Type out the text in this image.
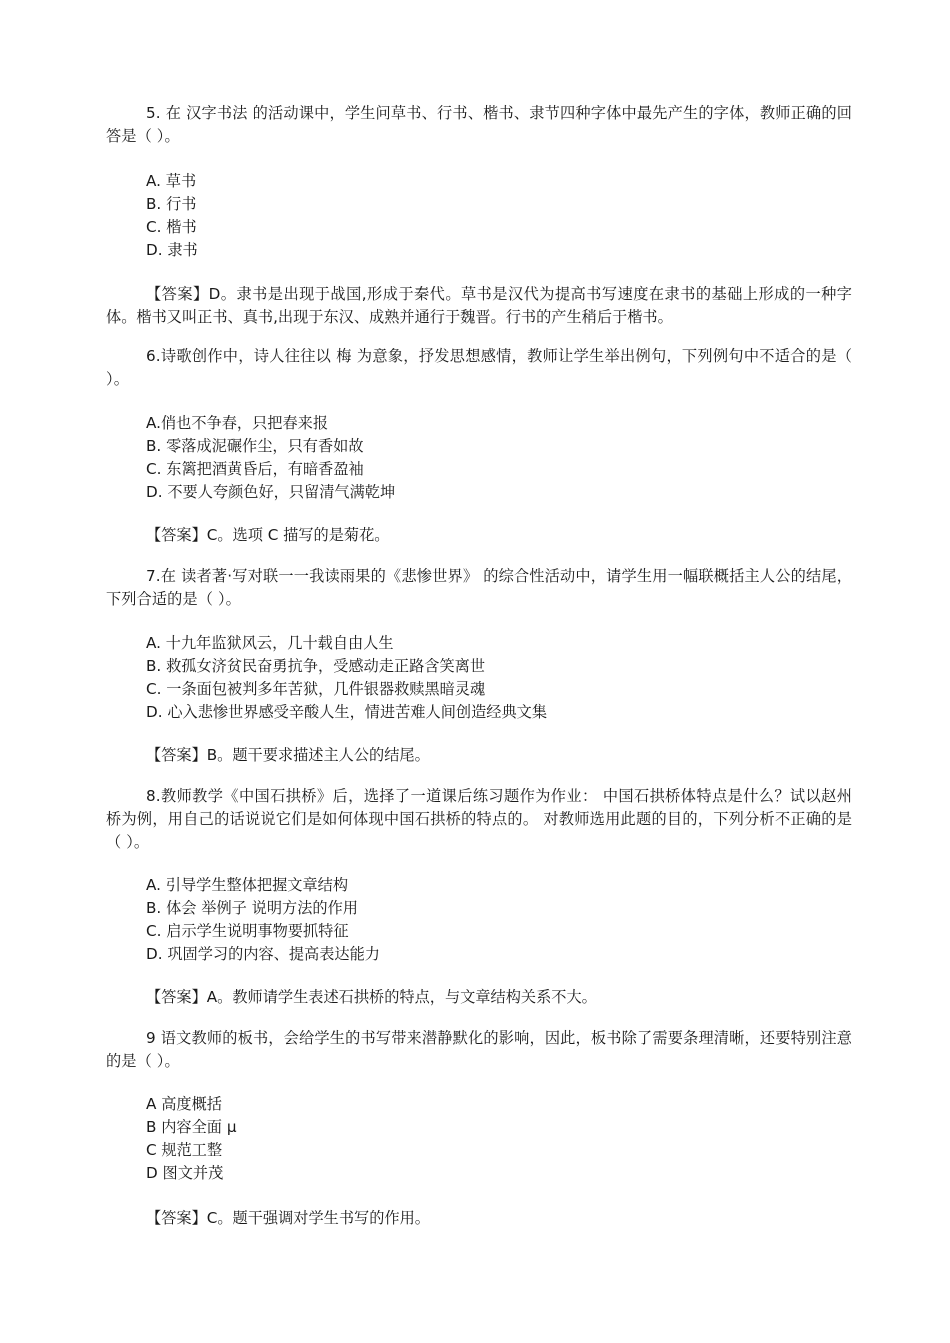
5. 在 汉字书法 的活动课中，学生问草书、行书、楷书、隶节四种字体中最先产生的字体，教师正确的回答是（ ）。

A. 草书
B. 行书
C. 楷书
D. 隶书

【答案】D。隶书是出现于战国,形成于秦代。草书是汉代为提高书写速度在隶书的基础上形成的一种字体。楷书又叫正书、真书,出现于东汉、成熟并通行于魏晋。行书的产生稍后于楷书。

6.诗歌创作中，诗人往往以 梅 为意象，抒发思想感情，教师让学生举出例句，下列例句中不适合的是（ ）。

A.俏也不争春，只把春来报
B. 零落成泥碾作尘，只有香如故
C. 东篱把酒黄昏后，有暗香盈袖
D. 不要人夸颜色好，只留清气满乾坤

【答案】C。选项 C 描写的是菊花。

7.在 读者著·写对联一一我读雨果的《悲惨世界》 的综合性活动中，请学生用一幅联概括主人公的结尾，下列合适的是（ ）。

A. 十九年监狱风云，几十载自由人生
B. 救孤女济贫民奋勇抗争，受感动走正路含笑离世
C. 一条面包被判多年苦狱，几件银器救赎黑暗灵魂
D. 心入悲惨世界感受辛酸人生，情进苦难人间创造经典文集

【答案】B。题干要求描述主人公的结尾。

8.教师教学《中国石拱桥》后，选择了一道课后练习题作为作业： 中国石拱桥体特点是什么？试以赵州桥为例，用自己的话说说它们是如何体现中国石拱桥的特点的。 对教师选用此题的目的，下列分析不正确的是（ ）。

A. 引导学生整体把握文章结构
B. 体会 举例子 说明方法的作用
C. 启示学生说明事物要抓特征
D. 巩固学习的内容、提高表达能力

【答案】A。教师请学生表述石拱桥的特点，与文章结构关系不大。

9 语文教师的板书，会给学生的书写带来潜静默化的影响，因此，板书除了需要条理清晰，还要特别注意的是（ ）。

A 高度概括
B 内容全面 μ
C 规范工整
D 图文并茂

【答案】C。题干强调对学生书写的作用。
